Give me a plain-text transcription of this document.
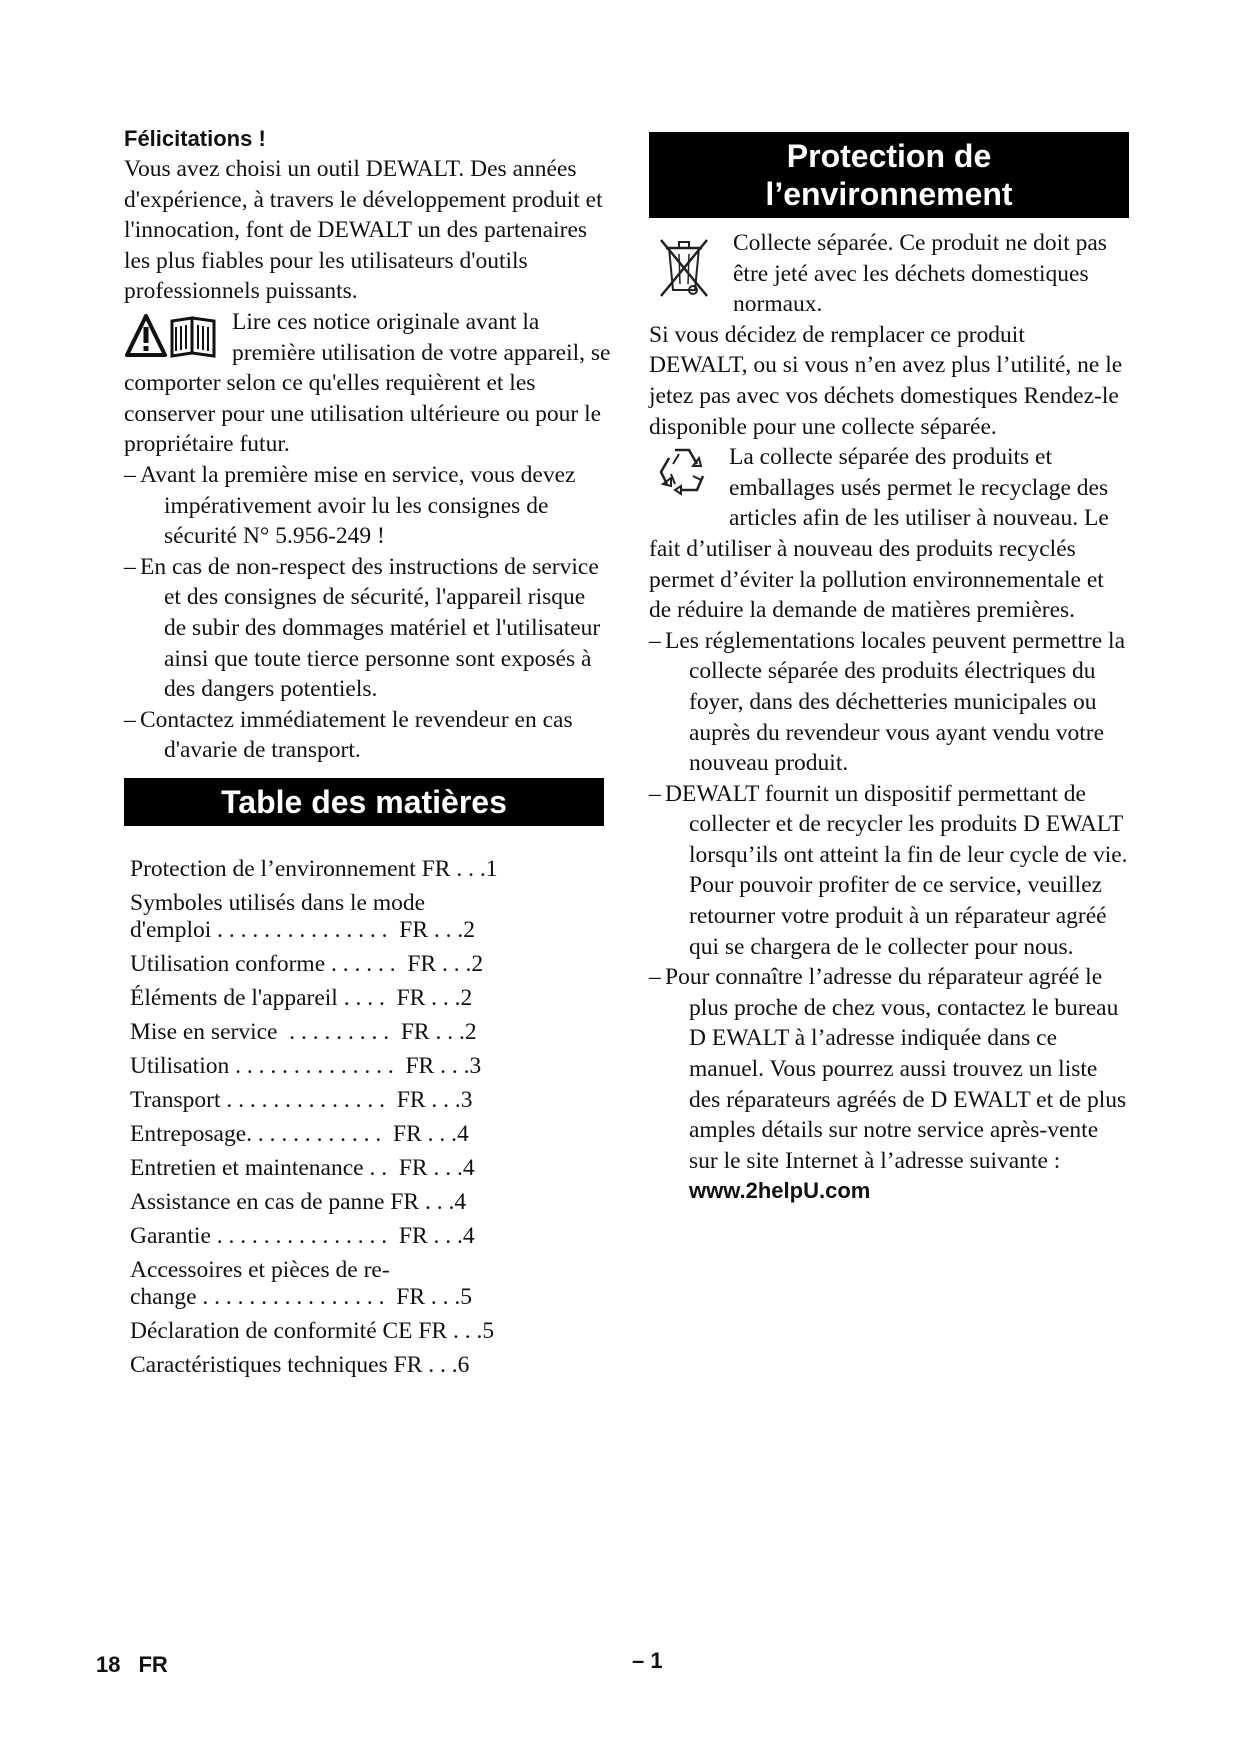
Félicitations !

Vous avez choisi un outil DEWALT. Des années d'expérience, à travers le développement produit et l'innocation, font de DEWALT un des partenaires les plus fiables pour les utilisateurs d'outils professionnels puissants.

Lire ces notice originale avant la première utilisation de votre appareil, se comporter selon ce qu'elles requièrent et les conserver pour une utilisation ultérieure ou pour le propriétaire futur.

– Avant la première mise en service, vous devez impérativement avoir lu les consignes de sécurité N° 5.956-249 !

– En cas de non-respect des instructions de service et des consignes de sécurité, l'appareil risque de subir des dommages matériel et l'utilisateur ainsi que toute tierce personne sont exposés à des dangers potentiels.

– Contactez immédiatement le revendeur en cas d'avarie de transport.

Table des matières
Protection de l’environnement FR . . .1
Symboles utilisés dans le mode
d'emploi . . . . . . . . . . . . . . .  FR . . .2
Utilisation conforme . . . . . .  FR . . .2
Éléments de l'appareil . . . .  FR . . .2
Mise en service  . . . . . . . . .  FR . . .2
Utilisation . . . . . . . . . . . . . .  FR . . .3
Transport . . . . . . . . . . . . . .  FR . . .3
Entreposage. . . . . . . . . . . .  FR . . .4
Entretien et maintenance . .  FR . . .4
Assistance en cas de panne FR . . .4
Garantie . . . . . . . . . . . . . . .  FR . . .4
Accessoires et pièces de re-
change . . . . . . . . . . . . . . . .  FR . . .5
Déclaration de conformité CE FR . . .5
Caractéristiques techniques FR . . .6
Protection de
l’environnement

Collecte séparée. Ce produit ne doit pas être jeté avec les déchets domestiques normaux.

Si vous décidez de remplacer ce produit DEWALT, ou si vous n’en avez plus l’utilité, ne le jetez pas avec vos déchets domestiques Rendez-le disponible pour une collecte séparée.

La collecte séparée des produits et emballages usés permet le recyclage des articles afin de les utiliser à nouveau. Le fait d’utiliser à nouveau des produits recyclés permet d’éviter la pollution environnementale et de réduire la demande de matières premières.

– Les réglementations locales peuvent permettre la collecte séparée des produits électriques du foyer, dans des déchetteries municipales ou auprès du revendeur vous ayant vendu votre nouveau produit.

– DEWALT fournit un dispositif permettant de collecter et de recycler les produits D EWALT lorsqu’ils ont atteint la fin de leur cycle de vie. Pour pouvoir profiter de ce service, veuillez retourner votre produit à un réparateur agréé qui se chargera de le collecter pour nous.

– Pour connaître l’adresse du réparateur agréé le plus proche de chez vous, contactez le bureau D EWALT à l’adresse indiquée dans ce manuel. Vous pourrez aussi trouvez un liste des réparateurs agréés de D EWALT et de plus amples détails sur notre service après-vente sur le site Internet à l’adresse suivante : www.2helpU.com

18 FR	– 1
